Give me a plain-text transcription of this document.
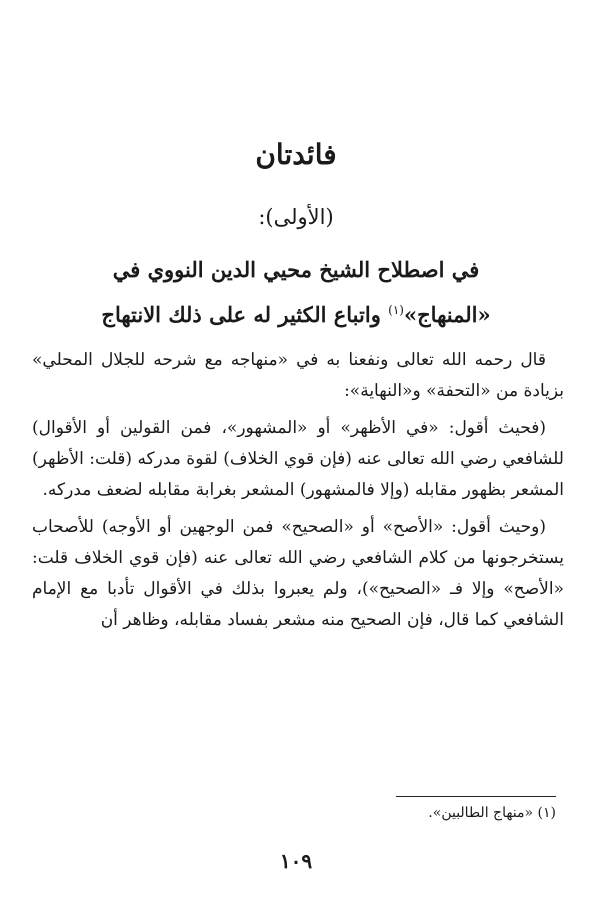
فائدتان
(الأولى):
في اصطلاح الشيخ محيي الدين النووي في
«المنهاج»$^{(١)}$ واتباع الكثير له على ذلك الانتهاج

قال رحمه الله تعالى ونفعنا به في «منهاجه مع شرحه للجلال المحلي» بزيادة من «التحفة» و«النهاية»:

(فحيث أقول: «في الأظهر» أو «المشهور»، فمن القولين أو الأقوال) للشافعي رضي الله تعالى عنه (فإن قوي الخلاف) لقوة مدركه (قلت: الأظهر) المشعر بظهور مقابله (وإلا فالمشهور) المشعر بغرابة مقابله لضعف مدركه.

(وحيث أقول: «الأصح» أو «الصحيح» فمن الوجهين أو الأوجه) للأصحاب يستخرجونها من كلام الشافعي رضي الله تعالى عنه (فإن قوي الخلاف قلت: «الأصح» وإلا فـ «الصحيح»)، ولم يعبروا بذلك في الأقوال تأدبا مع الإمام الشافعي كما قال، فإن الصحيح منه مشعر بفساد مقابله، وظاهر أن

(١) «منهاج الطالبين».
١٠٩
